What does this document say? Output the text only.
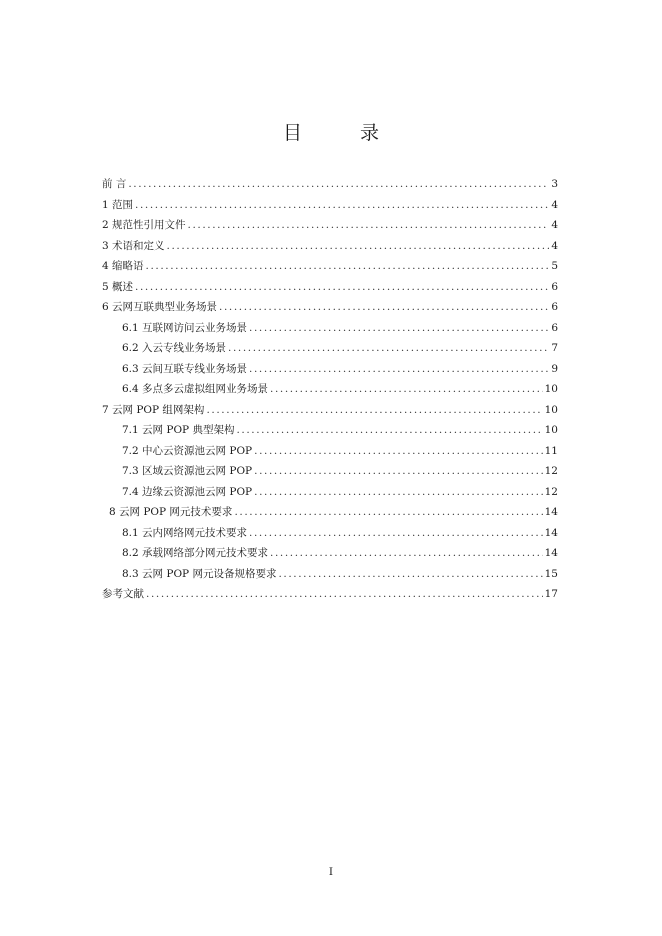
目 录
前 言 .....	3
1 范围 .....	4
2 规范性引用文件 .....	4
3 术语和定义 .....	4
4 缩略语 .....	5
5 概述 .....	6
6 云网互联典型业务场景 .....	6
6.1 互联网访问云业务场景 .....	6
6.2 入云专线业务场景 .....	7
6.3 云间互联专线业务场景 .....	9
6.4 多点多云虚拟组网业务场景 .....	10
7 云网 POP 组网架构 .....	10
7.1 云网 POP 典型架构 .....	10
7.2 中心云资源池云网 POP .....	11
7.3 区域云资源池云网 POP .....	12
7.4 边缘云资源池云网 POP .....	12
8 云网 POP 网元技术要求 .....	14
8.1 云内网络网元技术要求 .....	14
8.2 承载网络部分网元技术要求 .....	14
8.3 云网 POP 网元设备规格要求 .....	15
参考文献 .....	17
I
